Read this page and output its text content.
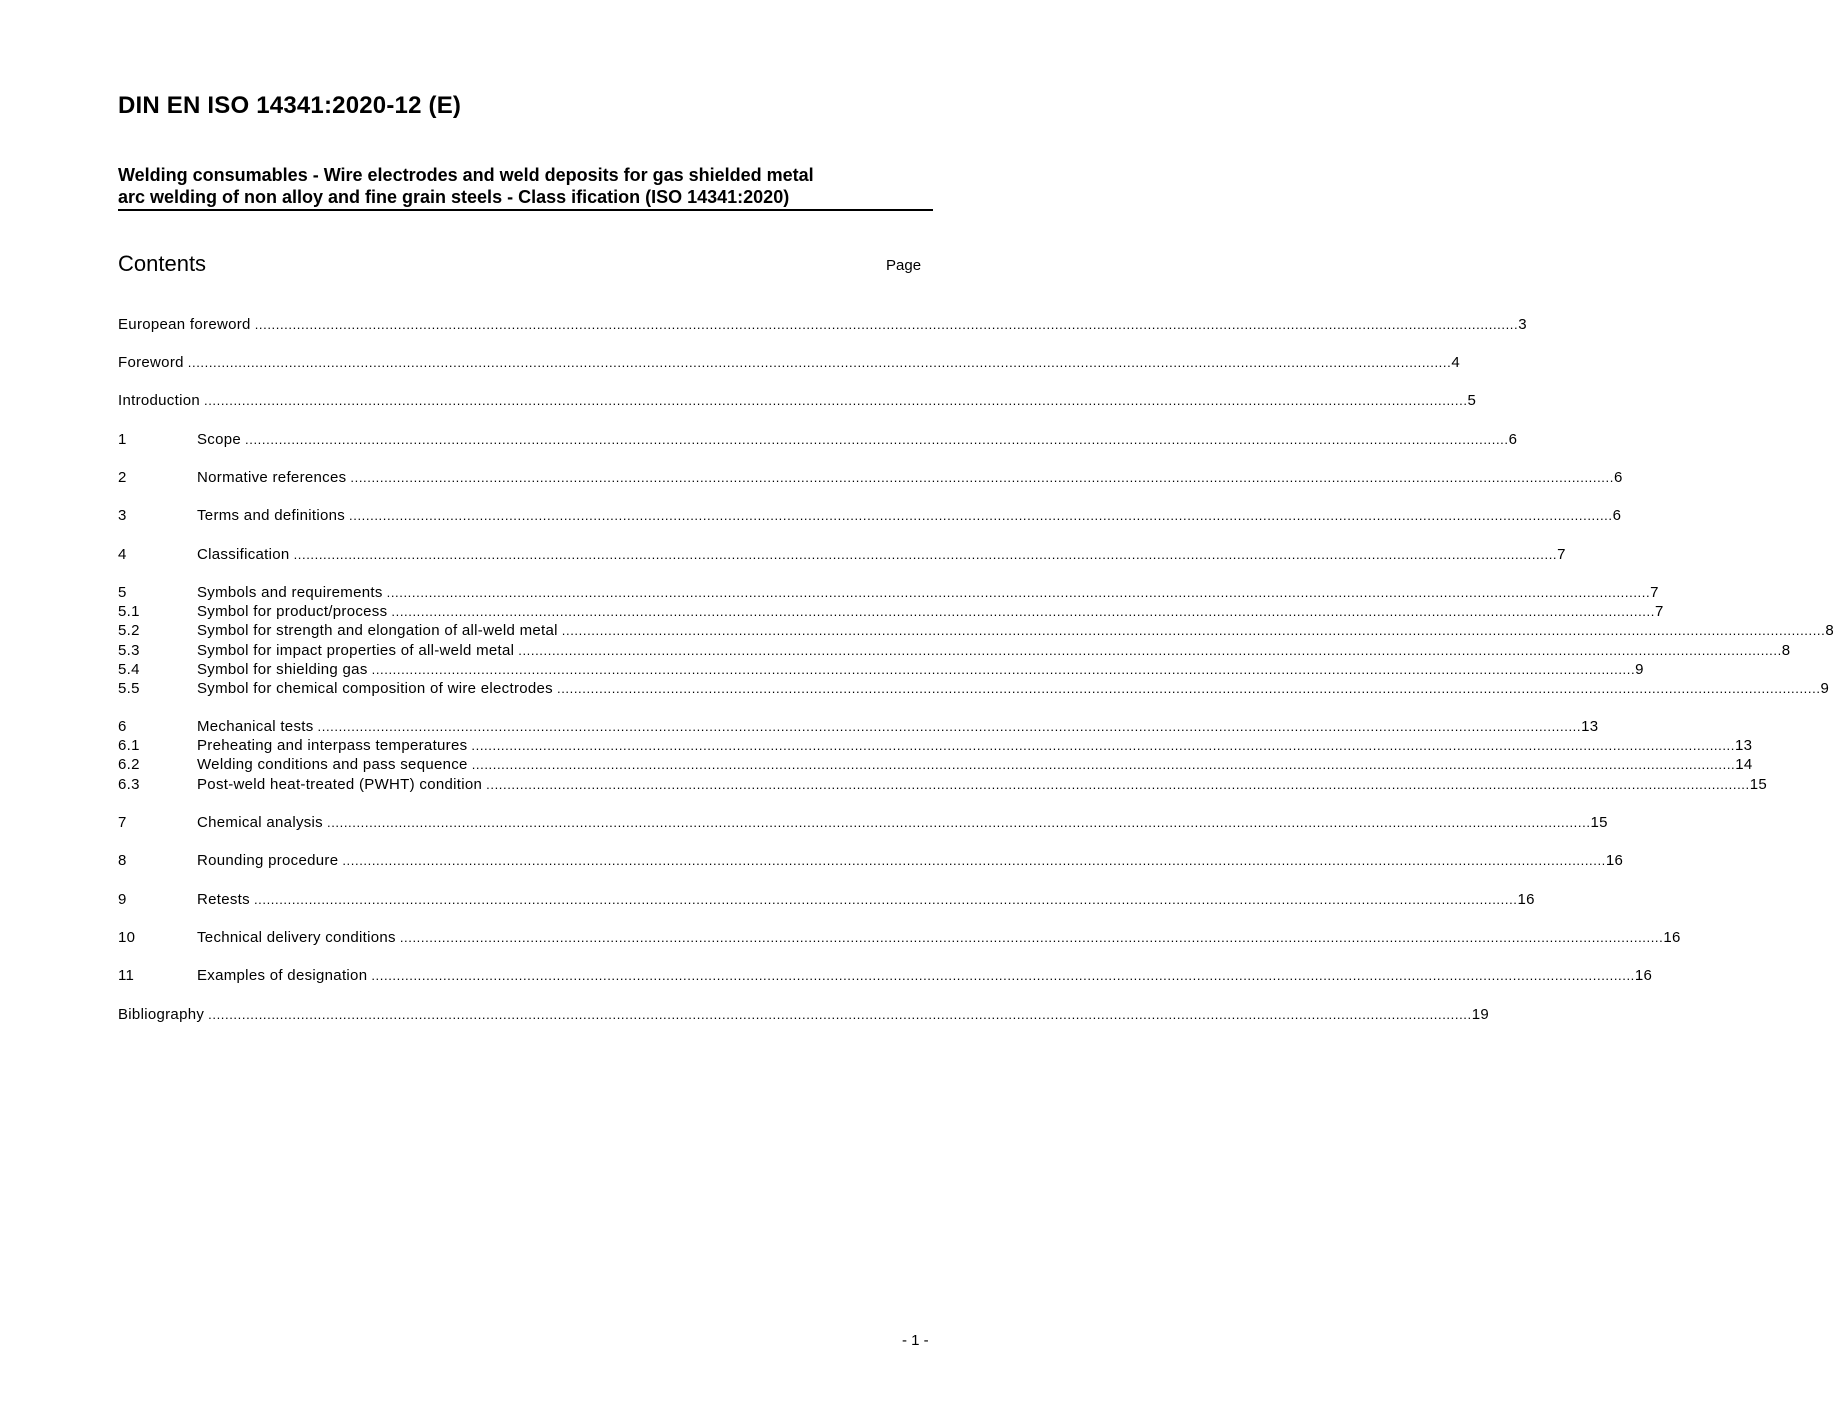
DIN EN ISO 14341:2020-12 (E)
Welding consumables - Wire electrodes and weld deposits for gas shielded metal
arc welding of non alloy and fine grain steels - Class ification (ISO 14341:2020)
Contents	Page
European foreword ............................................................................................................................................................................................................................................................................................................ 3
Foreword ............................................................................................................................................................................................................................................................................................................ 4
Introduction ............................................................................................................................................................................................................................................................................................................ 5
1	Scope ............................................................................................................................................................................................................................................................................................................ 6
2	Normative references ............................................................................................................................................................................................................................................................................................................ 6
3	Terms and definitions ............................................................................................................................................................................................................................................................................................................ 6
4	Classification ............................................................................................................................................................................................................................................................................................................ 7
5	Symbols and requirements ............................................................................................................................................................................................................................................................................................................ 7
5.1	Symbol for product/process ............................................................................................................................................................................................................................................................................................................ 7
5.2	Symbol for strength and elongation of all-weld metal ............................................................................................................................................................................................................................................................................................................ 8
5.3	Symbol for impact properties of all-weld metal ............................................................................................................................................................................................................................................................................................................ 8
5.4	Symbol for shielding gas ............................................................................................................................................................................................................................................................................................................ 9
5.5	Symbol for chemical composition of wire electrodes ............................................................................................................................................................................................................................................................................................................ 9
6	Mechanical tests ............................................................................................................................................................................................................................................................................................................ 13
6.1	Preheating and interpass temperatures ............................................................................................................................................................................................................................................................................................................ 13
6.2	Welding conditions and pass sequence ............................................................................................................................................................................................................................................................................................................ 14
6.3	Post-weld heat-treated (PWHT) condition ............................................................................................................................................................................................................................................................................................................ 15
7	Chemical analysis ............................................................................................................................................................................................................................................................................................................ 15
8	Rounding procedure ............................................................................................................................................................................................................................................................................................................ 16
9	Retests ............................................................................................................................................................................................................................................................................................................ 16
10	Technical delivery conditions ............................................................................................................................................................................................................................................................................................................ 16
11	Examples of designation ............................................................................................................................................................................................................................................................................................................ 16
Bibliography ............................................................................................................................................................................................................................................................................................................ 19
- 1 -
